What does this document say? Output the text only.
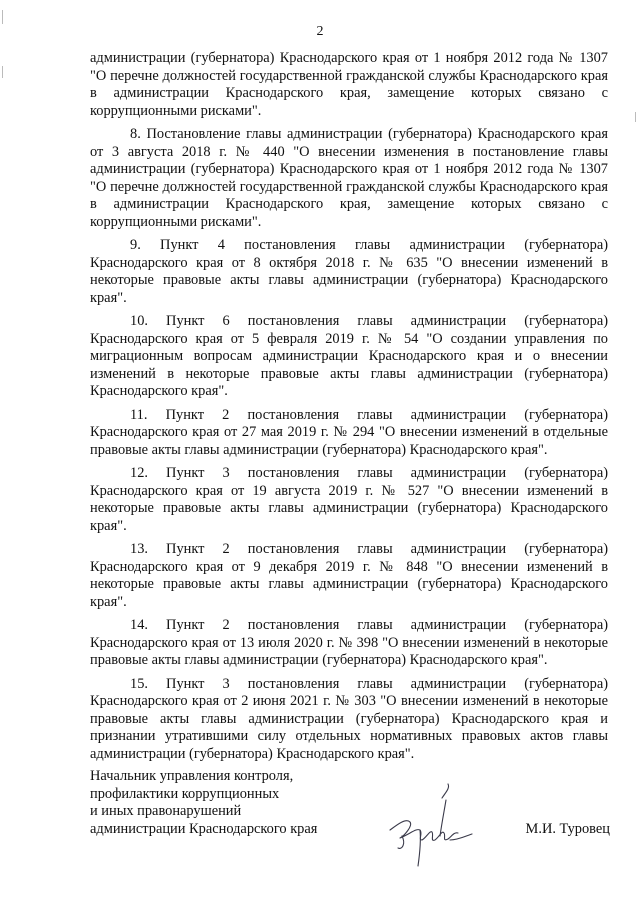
2

администрации (губернатора) Краснодарского края от 1 ноября 2012 года № 1307 "О перечне должностей государственной гражданской службы Краснодарского края в администрации Краснодарского края, замещение которых связано с коррупционными рисками".

8. Постановление главы администрации (губернатора) Краснодарского края от 3 августа 2018 г. № 440 "О внесении изменения в постановление главы администрации (губернатора) Краснодарского края от 1 ноября 2012 года № 1307 "О перечне должностей государственной гражданской службы Краснодарского края в администрации Краснодарского края, замещение которых связано с коррупционными рисками".

9. Пункт 4 постановления главы администрации (губернатора) Краснодарского края от 8 октября 2018 г. № 635 "О внесении изменений в некоторые правовые акты главы администрации (губернатора) Краснодарского края".

10. Пункт 6 постановления главы администрации (губернатора) Краснодарского края от 5 февраля 2019 г. № 54 "О создании управления по миграционным вопросам администрации Краснодарского края и о внесении изменений в некоторые правовые акты главы администрации (губернатора) Краснодарского края".

11. Пункт 2 постановления главы администрации (губернатора) Краснодарского края от 27 мая 2019 г. № 294 "О внесении изменений в отдельные правовые акты главы администрации (губернатора) Краснодарского края".

12. Пункт 3 постановления главы администрации (губернатора) Краснодарского края от 19 августа 2019 г. № 527 "О внесении изменений в некоторые правовые акты главы администрации (губернатора) Краснодарского края".

13. Пункт 2 постановления главы администрации (губернатора) Краснодарского края от 9 декабря 2019 г. № 848 "О внесении изменений в некоторые правовые акты главы администрации (губернатора) Краснодарского края".

14. Пункт 2 постановления главы администрации (губернатора) Краснодарского края от 13 июля 2020 г. № 398 "О внесении изменений в некоторые правовые акты главы администрации (губернатора) Краснодарского края".

15. Пункт 3 постановления главы администрации (губернатора) Краснодарского края от 2 июня 2021 г. № 303 "О внесении изменений в некоторые правовые акты главы администрации (губернатора) Краснодарского края и признании утратившими силу отдельных нормативных правовых актов главы администрации (губернатора) Краснодарского края".

Начальник управления контроля,
профилактики коррупционных
и иных правонарушений
администрации Краснодарского края	М.И. Туровец
